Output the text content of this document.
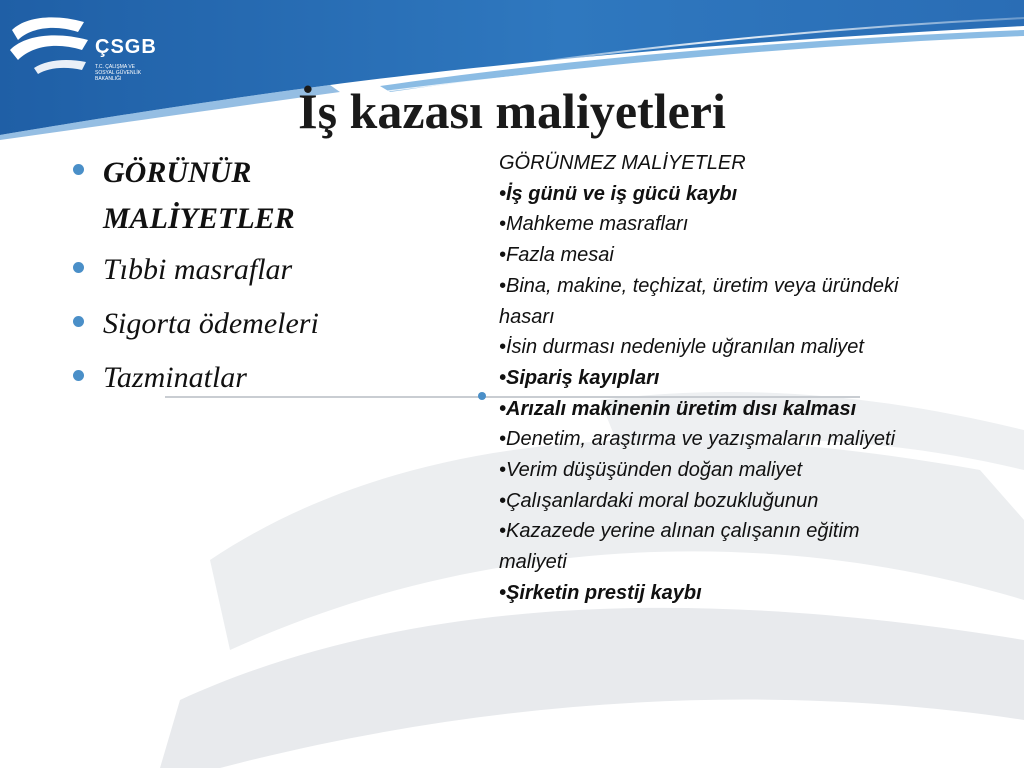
ÇSGB
T.C. ÇALIŞMA VE
SOSYAL GÜVENLİK
BAKANLIĞI
İş kazası maliyetleri
GÖRÜNÜR MALİYETLER
Tıbbi masraflar
Sigorta ödemeleri
Tazminatlar
GÖRÜNMEZ MALİYETLER
•İş günü ve iş gücü kaybı
•Mahkeme masrafları
•Fazla mesai
•Bina, makine, teçhizat, üretim veya üründeki hasarı
•İsin durması nedeniyle uğranılan maliyet
•Sipariş kayıpları
•Arızalı makinenin üretim dısı kalması
•Denetim, araştırma ve yazışmaların maliyeti
•Verim düşüşünden doğan maliyet
•Çalışanlardaki moral bozukluğunun
•Kazazede yerine alınan çalışanın eğitim maliyeti
•Şirketin prestij kaybı
